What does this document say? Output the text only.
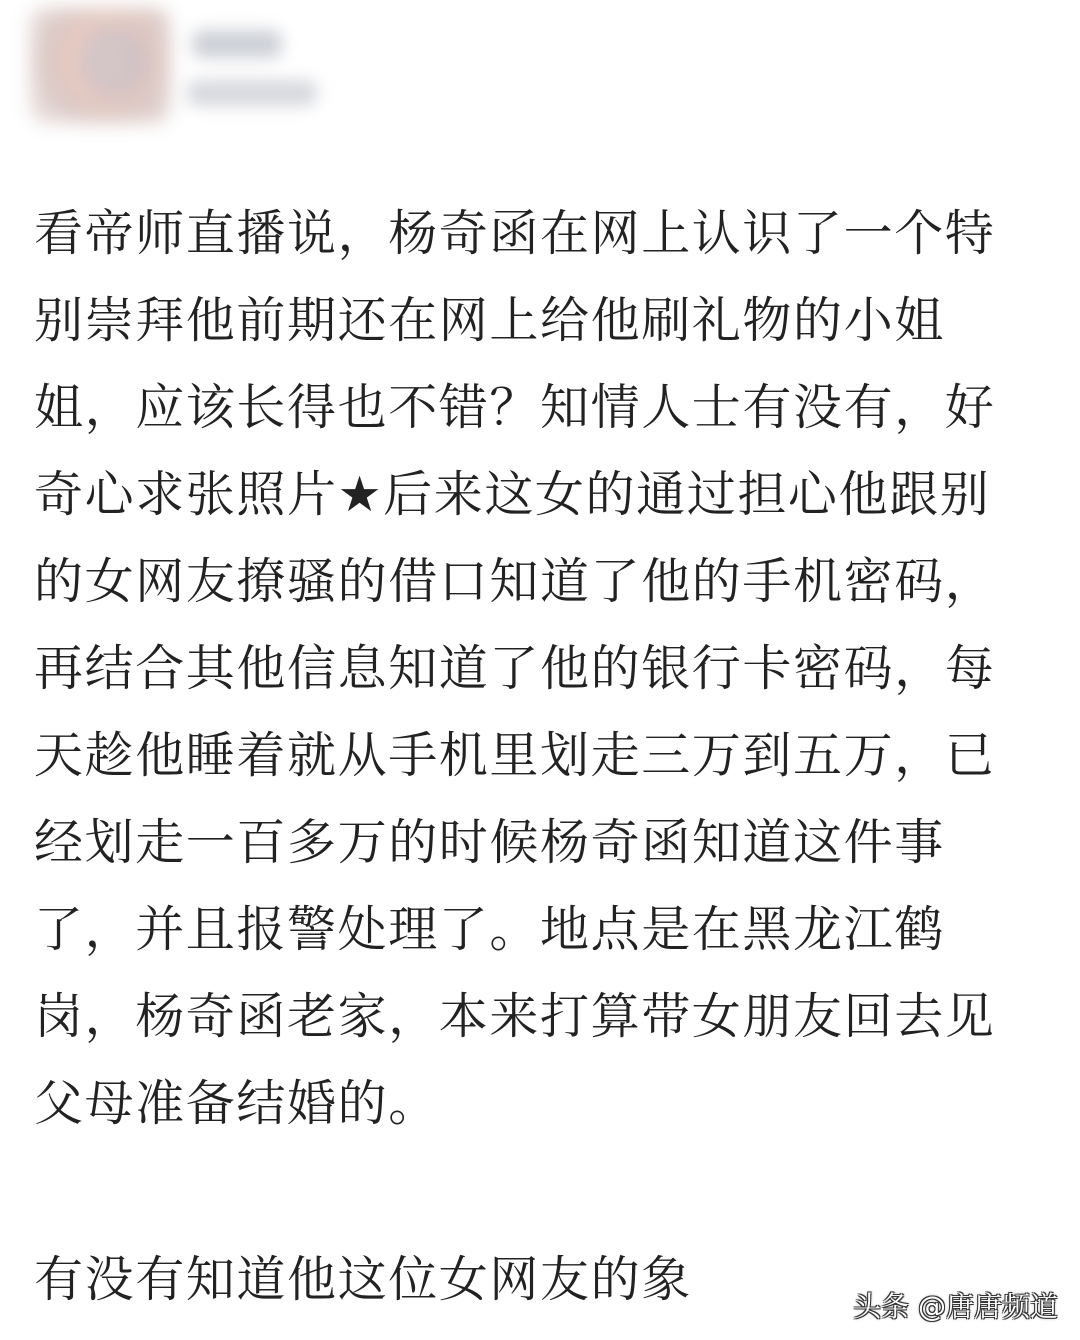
看帝师直播说，杨奇函在网上认识了一个特
别崇拜他前期还在网上给他刷礼物的小姐
姐，应该长得也不错？知情人士有没有，好
奇心求张照片★后来这女的通过担心他跟别
的女网友撩骚的借口知道了他的手机密码，
再结合其他信息知道了他的银行卡密码，每
天趁他睡着就从手机里划走三万到五万，已
经划走一百多万的时候杨奇函知道这件事
了，并且报警处理了。地点是在黑龙江鹤
岗，杨奇函老家，本来打算带女朋友回去见
父母准备结婚的。
有没有知道他这位女网友的象	头条 @唐唐频道
